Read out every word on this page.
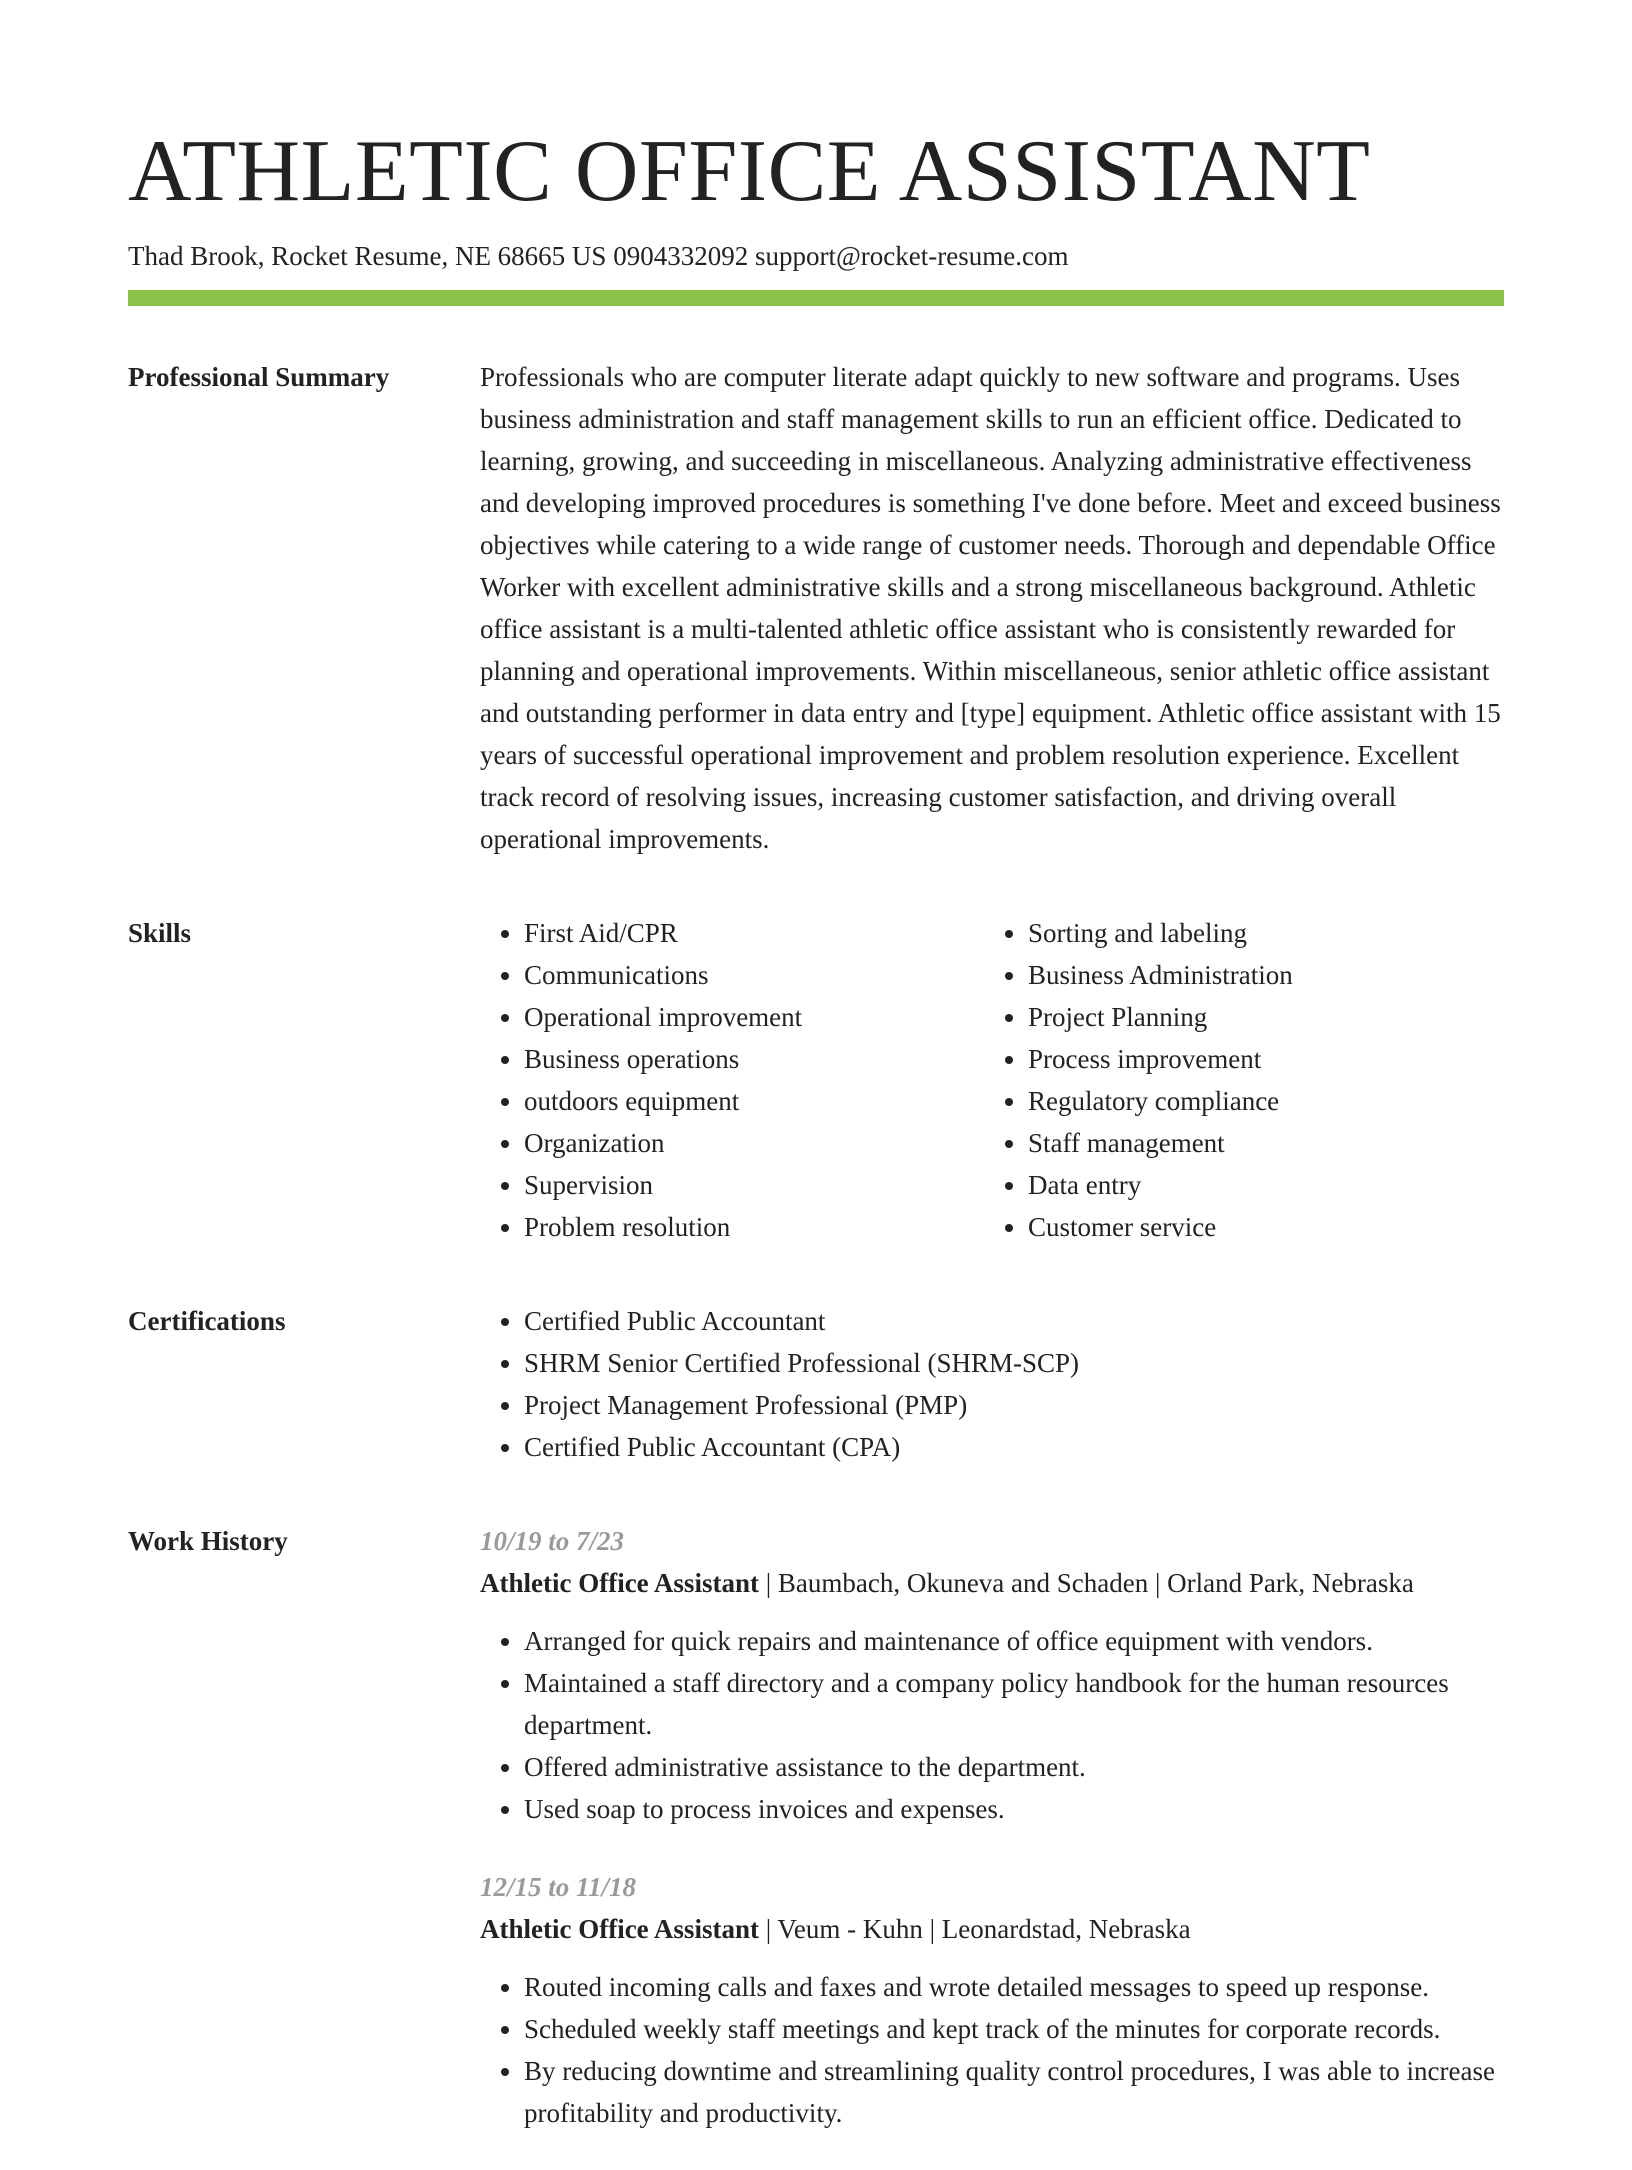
ATHLETIC OFFICE ASSISTANT
Thad Brook, Rocket Resume, NE 68665 US 0904332092 support@rocket-resume.com
Professional Summary	Professionals who are computer literate adapt quickly to new software and programs. Uses business administration and staff management skills to run an efficient office. Dedicated to learning, growing, and succeeding in miscellaneous. Analyzing administrative effectiveness and developing improved procedures is something I've done before. Meet and exceed business objectives while catering to a wide range of customer needs. Thorough and dependable Office Worker with excellent administrative skills and a strong miscellaneous background. Athletic office assistant is a multi-talented athletic office assistant who is consistently rewarded for planning and operational improvements. Within miscellaneous, senior athletic office assistant and outstanding performer in data entry and [type] equipment. Athletic office assistant with 15 years of successful operational improvement and problem resolution experience. Excellent track record of resolving issues, increasing customer satisfaction, and driving overall operational improvements.

Skills	• First Aid/CPR
• Communications
• Operational improvement
• Business operations
• outdoors equipment
• Organization
• Supervision
• Problem resolution
• Sorting and labeling
• Business Administration
• Project Planning
• Process improvement
• Regulatory compliance
• Staff management
• Data entry
• Customer service
Certifications	• Certified Public Accountant
• SHRM Senior Certified Professional (SHRM-SCP)
• Project Management Professional (PMP)
• Certified Public Accountant (CPA)
Work History	10/19 to 7/23
Athletic Office Assistant | Baumbach, Okuneva and Schaden | Orland Park, Nebraska
• Arranged for quick repairs and maintenance of office equipment with vendors.
• Maintained a staff directory and a company policy handbook for the human resources department.
• Offered administrative assistance to the department.
• Used soap to process invoices and expenses.
12/15 to 11/18
Athletic Office Assistant | Veum - Kuhn | Leonardstad, Nebraska
• Routed incoming calls and faxes and wrote detailed messages to speed up response.
• Scheduled weekly staff meetings and kept track of the minutes for corporate records.
• By reducing downtime and streamlining quality control procedures, I was able to increase profitability and productivity.
